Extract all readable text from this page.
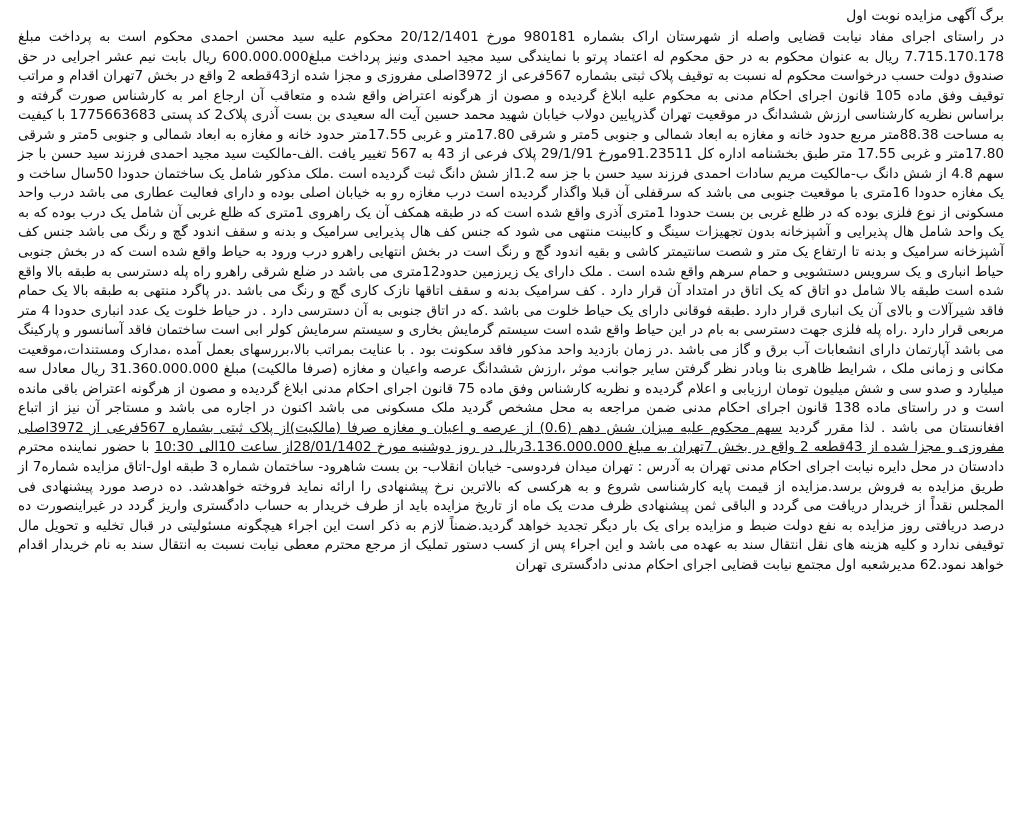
برگ آگهی مزایده نوبت اول

در راستای اجرای مفاد نیابت قضایی واصله از شهرستان اراک بشماره 980181 مورخ 20/12/1401 محکوم علیه سید محسن احمدی محکوم است به پرداخت مبلغ 7.715.170.178 ریال به عنوان محکوم به در حق محکوم له اعتماد پرتو با نمایندگی سید مجید احمدی ونیز پرداخت مبلغ600.000.000 ریال بابت نیم عشر اجرایی در حق صندوق دولت حسب درخواست محکوم له نسبت به توقیف پلاک ثبتی بشماره 567فرعی از 3972اصلی مفروزی و مجزا شده از43قطعه 2 واقع در بخش 7تهران اقدام و مراتب توقیف وفق ماده 105 قانون اجرای احکام مدنی به محکوم علیه ابلاغ گردیده و مصون از هرگونه اعتراض واقع شده و متعاقب آن ارجاع امر به کارشناس صورت گرفته و براساس نظریه کارشناسی ارزش ششدانگ در موقعیت تهران گذرپایین دولاب خیابان شهید محمد حسین آیت اله سعیدی بن بست آذری پلاک2 کد پستی 1775663683 با کیفیت به مساحت 88.38متر مربع حدود خانه و مغازه به ابعاد شمالی و جنوبی 5متر و شرقی 17.80متر و غربی 17.55متر حدود خانه و مغازه به ابعاد شمالی و جنوبی 5متر و شرقی 17.80متر و غربی 17.55 متر طبق بخشنامه اداره کل 91.23511مورخ 29/1/91 پلاک فرعی از 43 به 567 تغییر یافت .الف-مالکیت سید مجید احمدی فرزند سید حسن با جز سهم 4.8 از شش دانگ ب-مالکیت مریم سادات احمدی فرزند سید حسن با جز سه 1.2از شش دانگ ثبت گردیده است .ملک مذکور شامل یک ساختمان حدودا 50سال ساخت و یک مغازه حدودا 16متری با موقعیت جنوبی می باشد که سرقفلی آن قبلا واگذار گردیده است درب مغازه رو به خیابان اصلی بوده و دارای فعالیت عطاری می باشد درب واحد مسکونی از نوع فلزی بوده که در ظلع غربی بن بست حدودا 1متری آذری واقع شده است که در طبقه همکف آن یک راهروی 1متری که ظلع غربی آن شامل یک درب بوده که به یک واحد شامل هال پذیرایی و آشپزخانه بدون تجهیزات سینگ و کابینت منتهی می شود که جنس کف هال پذیرایی سرامیک و بدنه و سقف اندود گچ و رنگ می باشد جنس کف آشپزخانه سرامیک و بدنه تا ارتفاع یک متر و شصت سانتیمتر کاشی و بقیه اندود گچ و رنگ است در بخش انتهایی راهرو درب ورود به حیاط واقع شده است که در بخش جنوبی حیاط انباری و یک سرویس دستشویی و حمام سرهم واقع شده است . ملک دارای یک زیرزمین حدود12متری می باشد در ضلع شرقی راهرو راه پله دسترسی به طبقه بالا واقع شده است طبقه بالا شامل دو اتاق که یک اتاق در امتداد آن قرار دارد . کف سرامیک بدنه و سقف اتاقها نازک کاری گچ و رنگ می باشد .در پاگرد منتهی به طبقه بالا یک حمام فاقد شیرآلات و بالای آن یک انباری قرار دارد .طبقه فوقانی دارای یک حیاط خلوت می باشد .که در اتاق جنوبی به آن دسترسی دارد . در حیاط خلوت یک عدد انباری حدودا 4 متر مربعی قرار دارد .راه پله فلزی جهت دسترسی به بام در این حیاط واقع شده است سیستم گرمایش بخاری و سیستم سرمایش کولر ابی است ساختمان فاقد آسانسور و پارکینگ می باشد آپارتمان دارای انشعابات آب برق و گاز می باشد .در زمان بازدید واحد مذکور فاقد سکونت بود . با عنایت بمراتب بالا،بررسهای بعمل آمده ،مدارک ومستندات،موقعیت مکانی و زمانی ملک ، شرایط ظاهری بنا وبادر نظر گرفتن سایر جوانب موثر ،ارزش ششدانگ عرصه واعیان و مغازه (صرفا مالکیت) مبلغ 31.360.000.000 ریال معادل سه میلیارد و صدو سی و شش میلیون تومان ارزیابی و اعلام گردیده و نظریه کارشناس وفق ماده 75 قانون اجرای احکام مدنی ابلاغ گردیده و مصون از هرگونه اعتراض باقی مانده است و در راستای ماده 138 قانون اجرای احکام مدنی ضمن مراجعه به محل مشخص گردید ملک مسکونی می باشد اکنون در اجاره می باشد و مستاجر آن نیز از اتباع افغانستان می باشد . لذا مقرر گردید سهم محکوم علیه میزان شش دهم (0.6) از عرصه و اعیان و مغازه صرفا (مالکیت)از پلاک ثبتی بشماره 567فرعی از 3972اصلی مفروزی و مجزا شده از 43قطعه 2 واقع در بخش 7تهران به مبلغ 3.136.000.000ریال در روز دوشنبه مورخ 28/01/1402از ساعت 10الی 10:30 با حضور نماینده محترم دادستان در محل دایره نیابت اجرای احکام مدنی تهران به آدرس : تهران میدان فردوسی- خیابان انقلاب- بن بست شاهرود- ساختمان شماره 3 طبقه اول-اتاق مزایده شماره7 از طریق مزایده به فروش برسد.مزایده از قیمت پایه کارشناسی شروع و به هرکسی که بالاترین نرخ پیشنهادی را ارائه نماید فروخته خواهدشد. ده درصد مورد پیشنهادی فی المجلس نقداً از خریدار دریافت می گردد و الباقی ثمن پیشنهادی ظرف مدت یک ماه از تاریخ مزایده باید از طرف خریدار به حساب دادگستری واریز گردد در غیراینصورت ده درصد دریافتی روز مزایده به نفع دولت ضبط و مزایده برای یک بار دیگر تجدید خواهد گردید.ضمناً لازم به ذکر است این اجراء هیچگونه مسئولیتی در قبال تخلیه و تحویل مال توقیفی ندارد و کلیه هزینه های نقل انتقال سند به عهده می باشد و این اجراء پس از کسب دستور تملیک از مرجع محترم معطی نیابت نسبت به انتقال سند به نام خریدار اقدام خواهد نمود.62 مدیرشعبه اول مجتمع نیابت قضایی اجرای احکام مدنی دادگستری تهران
